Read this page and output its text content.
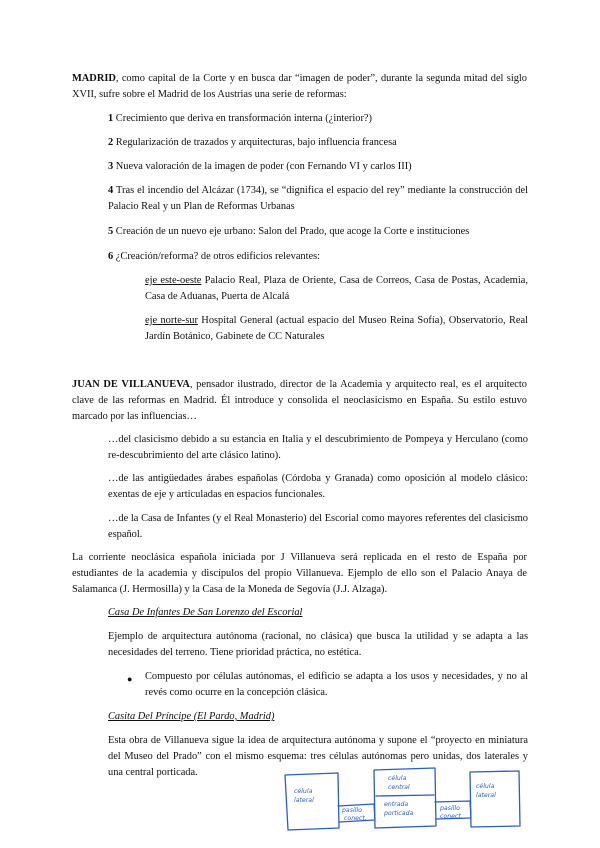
MADRID, como capital de la Corte y en busca dar “imagen de poder”, durante la segunda mitad del siglo XVII, sufre sobre el Madrid de los Austrias una serie de reformas:

1 Crecimiento que deriva en transformación interna (¿interior?)

2 Regularización de trazados y arquitecturas, bajo influencia francesa

3 Nueva valoración de la imagen de poder (con Fernando VI y carlos III)

4 Tras el incendio del Alcázar (1734), se “dignifica el espacio del rey” mediante la construcción del Palacio Real y un Plan de Reformas Urbanas

5 Creación de un nuevo eje urbano: Salon del Prado, que acoge la Corte e instituciones

6 ¿Creación/reforma? de otros edificios relevantes:

eje este-oeste Palacio Real, Plaza de Oriente, Casa de Correos, Casa de Postas, Academia, Casa de Aduanas, Puerta de Alcalá

eje norte-sur Hospital General (actual espacio del Museo Reina Sofía), Observatorio, Real Jardín Botánico, Gabinete de CC Naturales

JUAN DE VILLANUEVA, pensador ilustrado, director de la Academia y arquitecto real, es el arquitecto clave de las reformas en Madrid. Él introduce y consolida el neoclasicismo en España. Su estilo estuvo marcado por las influencias…

…del clasicismo debido a su estancia en Italia y el descubrimiento de Pompeya y Herculano (como re-descubrimiento del arte clásico latino).

…de las antigüedades árabes españolas (Córdoba y Granada) como oposición al modelo clásico: exentas de eje y articuladas en espacios funcionales.

…de la Casa de Infantes (y el Real Monasterio) del Escorial como mayores referentes del clasicismo español.

La corriente neoclásica española iniciada por J Villanueva será replicada en el resto de España por estudiantes de la academia y discípulos del propio Villanueva. Ejemplo de ello son el Palacio Anaya de Salamanca (J. Hermosilla) y la Casa de la Moneda de Segovia (J.J. Alzaga).

Casa De Infantes De San Lorenzo del Escorial

Ejemplo de arquitectura autónoma (racional, no clásica) que busca la utilidad y se adapta a las necesidades del terreno. Tiene prioridad práctica, no estética.

● Compuesto por células autónomas, el edificio se adapta a los usos y necesidades, y no al revés como ocurre en la concepción clásica.

Casita Del Príncipe (El Pardo, Madrid)

Esta obra de Villanueva sigue la idea de arquitectura autónoma y supone el “proyecto en miniatura del Museo del Prado” con el mismo esquema: tres células autónomas pero unidas, dos laterales y una central porticada.

célula
lateral
pasillo
conect.
célula
central
entrada
porticada
pasillo
conect.
célula
lateral
